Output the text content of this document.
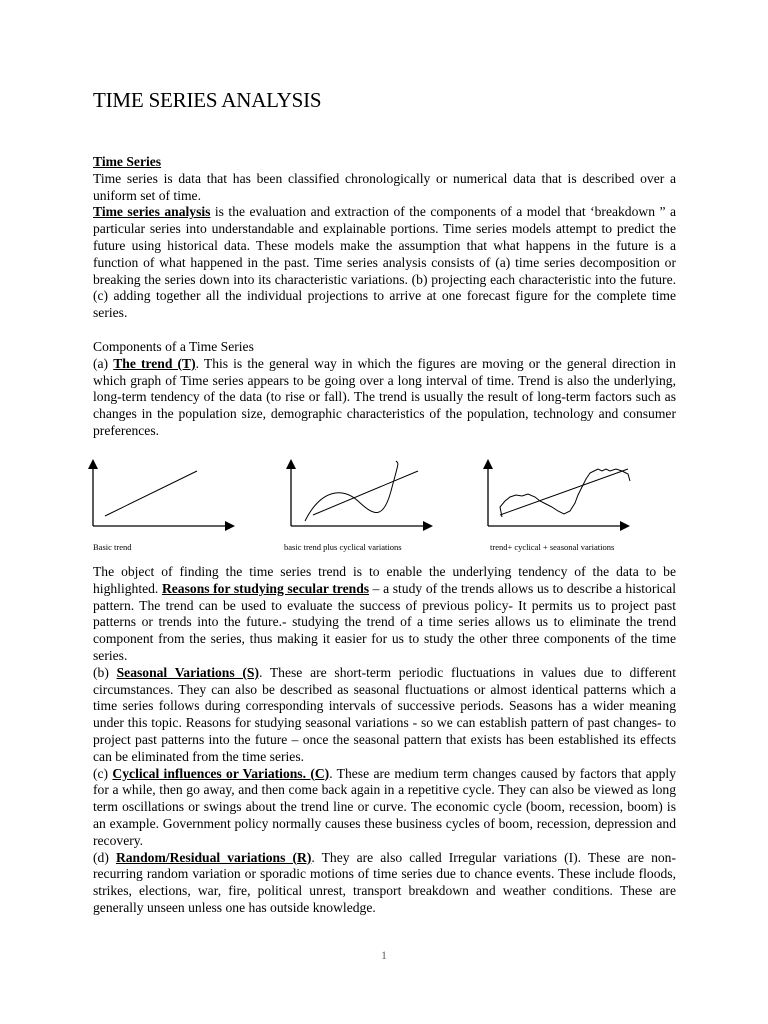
TIME SERIES ANALYSIS

Time Series

Time series is data that has been classified chronologically or numerical data that is described over a uniform set of time.

Time series analysis is the evaluation and extraction of the components of a model that ‘breakdown ” a particular series into understandable and explainable portions. Time series models attempt to predict the future using historical data. These models make the assumption that what happens in the future is a function of what happened in the past. Time series analysis consists of (a) time series decomposition or breaking the series down into its characteristic variations. (b) projecting each characteristic into the future. (c) adding together all the individual projections to arrive at one forecast figure for the complete time series.

Components of a Time Series

(a) The trend (T). This is the general way in which the figures are moving or the general direction in which graph of Time series appears to be going over a long interval of time. Trend is also the underlying, long-term tendency of the data (to rise or fall). The trend is usually the result of long-term factors such as changes in the population size, demographic characteristics of the population, technology and consumer preferences.

Basic trend	basic trend plus cyclical variations	trend+ cyclical + seasonal variations

The object of finding the time series trend is to enable the underlying tendency of the data to be highlighted. Reasons for studying secular trends – a study of the trends allows us to describe a historical pattern. The trend can be used to evaluate the success of previous policy- It permits us to project past patterns or trends into the future.- studying the trend of a time series allows us to eliminate the trend component from the series, thus making it easier for us to study the other three components of the time series.

(b) Seasonal Variations (S). These are short-term periodic fluctuations in values due to different circumstances. They can also be described as seasonal fluctuations or almost identical patterns which a time series follows during corresponding intervals of successive periods. Seasons has a wider meaning under this topic. Reasons for studying seasonal variations - so we can establish pattern of past changes- to project past patterns into the future – once the seasonal pattern that exists has been established its effects can be eliminated from the time series.

(c) Cyclical influences or Variations. (C). These are medium term changes caused by factors that apply for a while, then go away, and then come back again in a repetitive cycle. They can also be viewed as long term oscillations or swings about the trend line or curve. The economic cycle (boom, recession, boom) is an example. Government policy normally causes these business cycles of boom, recession, depression and recovery.

(d) Random/Residual variations (R). They are also called Irregular variations (I). These are non-recurring random variation or sporadic motions of time series due to chance events. These include floods, strikes, elections, war, fire, political unrest, transport breakdown and weather conditions. These are generally unseen unless one has outside knowledge.

1
